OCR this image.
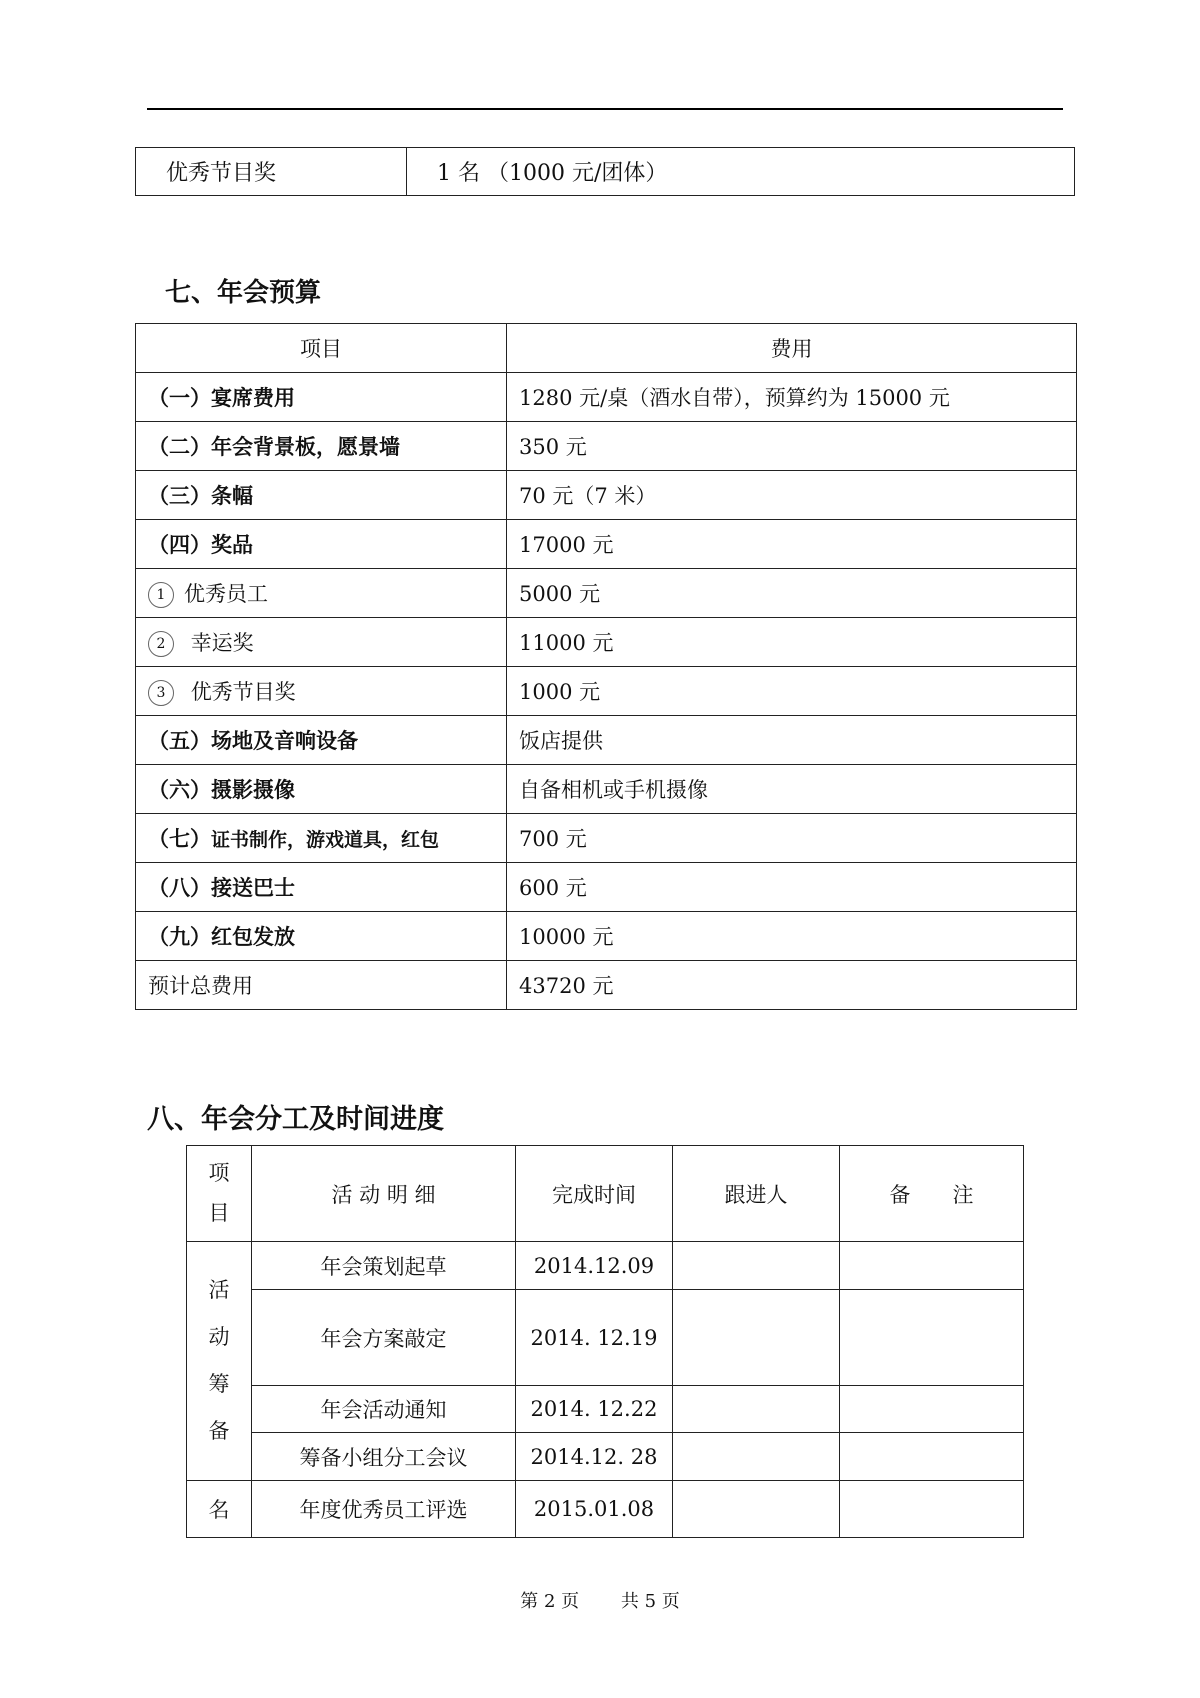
优秀节目奖	1 名 （1000 元/团体）
七、年会预算
项目	费用
（一）宴席费用	1280 元/桌（酒水自带），预算约为 15000 元
（二）年会背景板，愿景墙	350 元
（三）条幅	70 元（7 米）
（四）奖品	17000 元
1 优秀员工	5000 元
2 幸运奖	11000 元
3 优秀节目奖	1000 元
（五）场地及音响设备	饭店提供
（六）摄影摄像	自备相机或手机摄像
（七）证书制作，游戏道具，红包	700 元
（八）接送巴士	600 元
（九）红包发放	10000 元
预计总费用	43720 元
八、年会分工及时间进度
项目	活 动 明 细	完成时间	跟进人	备　　注
活动筹备	年会策划起草	2014.12.09		
	年会方案敲定	2014. 12.19		
	年会活动通知	2014. 12.22		
	筹备小组分工会议	2014.12. 28		
名	年度优秀员工评选	2015.01.08		
第 2 页 共 5 页
